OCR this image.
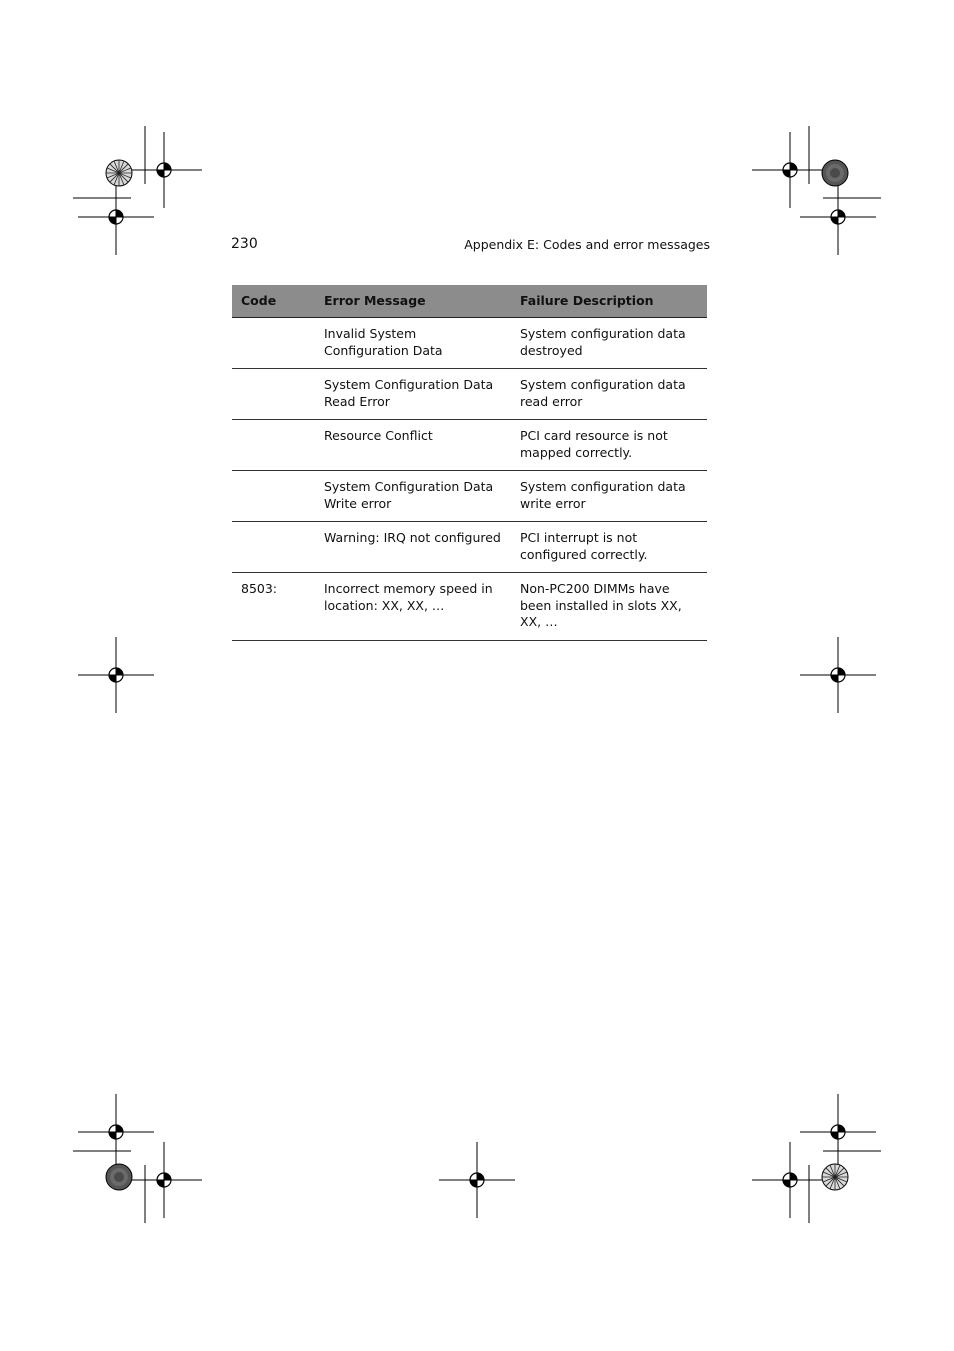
230	Appendix E: Codes and error messages
Code	Error Message	Failure Description
	Invalid System Configuration Data	System configuration data destroyed
	System Configuration Data Read Error	System configuration data read error
	Resource Conflict	PCI card resource is not mapped correctly.
	System Configuration Data Write error	System configuration data write error
	Warning: IRQ not configured	PCI interrupt is not configured correctly.
8503:	Incorrect memory speed in location: XX, XX, …	Non-PC200 DIMMs have been installed in slots XX, XX, …
